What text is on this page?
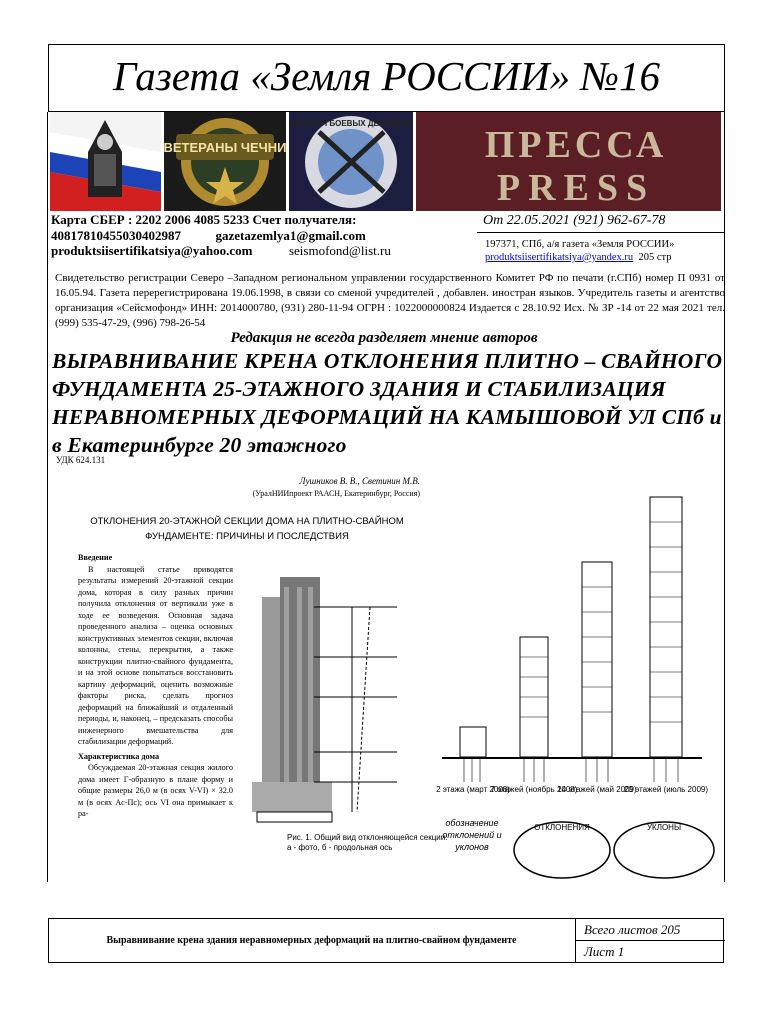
Газета «Земля РОССИИ» №16
ВЕТЕРАНЫ ЧЕЧНИ
ВЕТЕРАН БОЕВЫХ ДЕЙСТВИЙ
ПРЕССА
PRESS
Карта СБЕР : 2202 2006 4085 5233 Счет получателя:
40817810455030402987	gazetazemlya1@gmail.com
produktsiisertifikatsiya@yahoo.com	seismofond@list.ru
От 22.05.2021 (921) 962-67-78
197371, СПб, а/я газета «Земля РОССИИ»
produktsiisertifikatsiya@yandex.ru 205 стр
Свидетельство регистрации Северо –Западном региональном управлении государственного Комитет РФ по печати (г.СПб) номер П 0931 от 16.05.94. Газета перерегистрирована 19.06.1998, в связи со сменой учредителей , добавлен. иностран языков. Учредитель газеты и агентство организация «Сейсмофонд» ИНН: 2014000780, (931) 280-11-94 ОГРН : 1022000000824 Издается с 28.10.92 Исх. № ЗР -14 от 22 мая 2021 тел. (999) 535-47-29, (996) 798-26-54
Редакция не всегда разделяет мнение авторов
ВЫРАВНИВАНИЕ КРЕНА ОТКЛОНЕНИЯ ПЛИТНО – СВАЙНОГО ФУНДАМЕНТА 25-ЭТАЖНОГО ЗДАНИЯ И СТАБИЛИЗАЦИЯ НЕРАВНОМЕРНЫХ ДЕФОРМАЦИЙ НА КАМЫШОВОЙ УЛ СПб и в Екатеринбурге 20 этажного
УДК 624.131
Лушников В. В., Светинин М.В.
(УралНИИпроект РААСН, Екатеринбург, Россия)
ОТКЛОНЕНИЯ 20-ЭТАЖНОЙ СЕКЦИИ ДОМА НА ПЛИТНО-СВАЙНОМ ФУНДАМЕНТЕ: ПРИЧИНЫ И ПОСЛЕДСТВИЯ
Введение
В настоящей статье приводятся результаты измерений 20-этажной секции дома, которая в силу разных причин получила отклонения от вертикали уже в ходе ее возведения. Основная задача проведенного анализа – оценка основных конструктивных элементов секции, включая колонны, стены, перекрытия, а также конструкции плитно-свайного фундамента, и на этой основе попытаться восстановить картину деформаций, оценить возможные факторы риска, сделать прогноз деформаций на ближайший и отдаленный периоды, и, наконец, – предсказать способы инженерного вмешательства для стабилизации деформаций.
Характеристика дома
Обсуждаемая 20-этажная секция жилого дома имеет Г-образную в плане форму и общие размеры 26,0 м (в осях V-VI) × 32.0 м (в осях Ас-Пс); ось VI она примыкает к ра-
Рис. 1. Общий вид отклоняющейся секции:
а - фото, б - продольная ось
2 этажа (март 2008)
7 этажей (ноябрь 2008)
14 этажей (май 2009)
20 этажей (июль 2009)
обозначение отклонений и уклонов
ОТКЛОНЕНИЯ	УКЛОНЫ
Выравнивание крена здания неравномерных деформаций на плитно-свайном фундаменте
Всего листов 205
Лист 1
